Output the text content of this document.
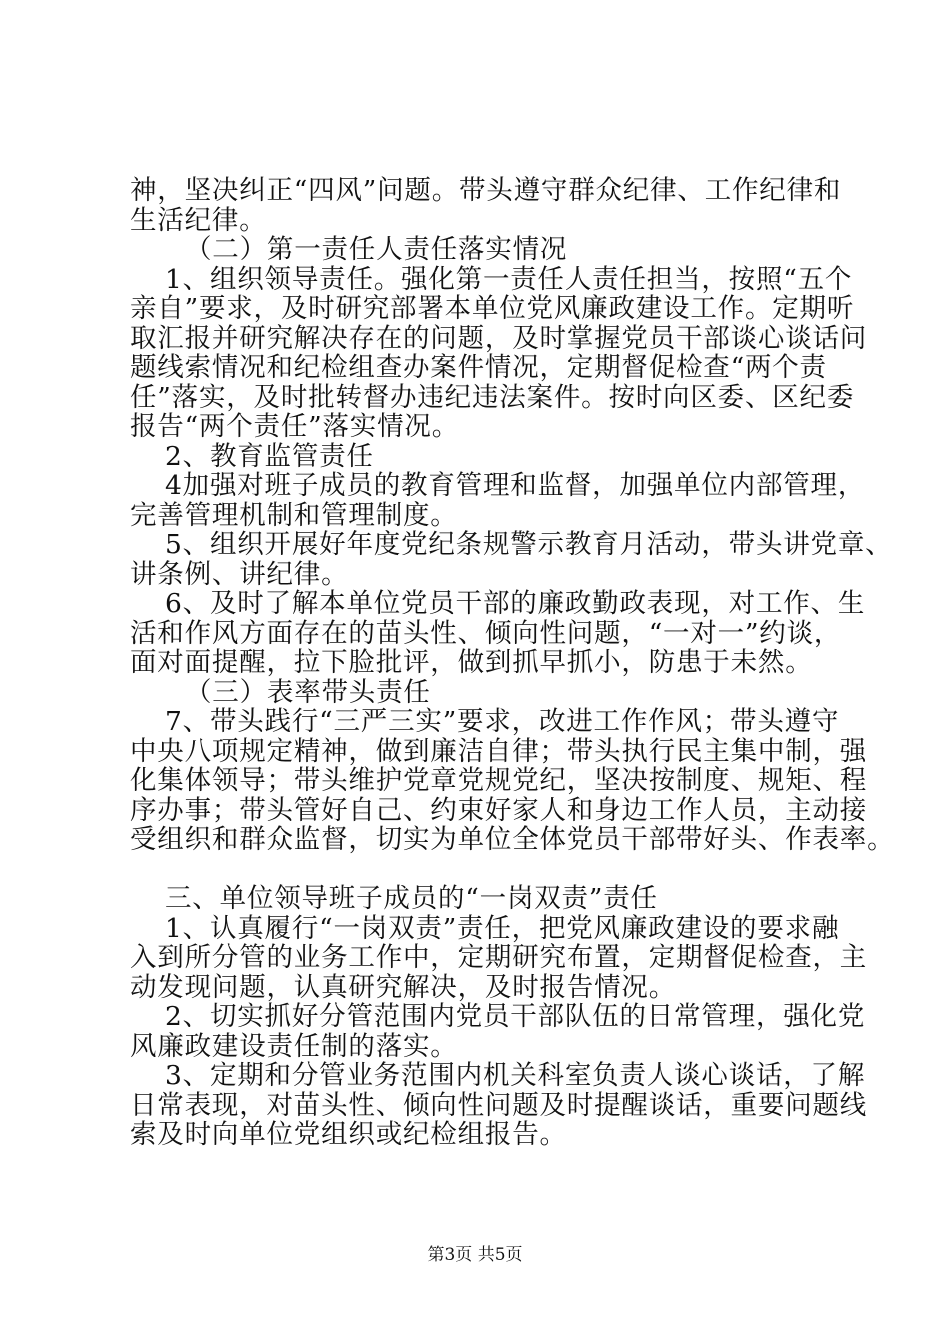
神，坚决纠正“四风”问题。带头遵守群众纪律、工作纪律和
生活纪律。
（二）第一责任人责任落实情况
1、组织领导责任。强化第一责任人责任担当，按照“五个
亲自”要求，及时研究部署本单位党风廉政建设工作。定期听
取汇报并研究解决存在的问题，及时掌握党员干部谈心谈话问
题线索情况和纪检组查办案件情况，定期督促检查“两个责
任”落实，及时批转督办违纪违法案件。按时向区委、区纪委
报告“两个责任”落实情况。
2、教育监管责任
4加强对班子成员的教育管理和监督，加强单位内部管理，
完善管理机制和管理制度。
5、组织开展好年度党纪条规警示教育月活动，带头讲党章、
讲条例、讲纪律。
6、及时了解本单位党员干部的廉政勤政表现，对工作、生
活和作风方面存在的苗头性、倾向性问题，“一对一”约谈，
面对面提醒，拉下脸批评，做到抓早抓小，防患于未然。
（三）表率带头责任
7、带头践行“三严三实”要求，改进工作作风；带头遵守
中央八项规定精神，做到廉洁自律；带头执行民主集中制，强
化集体领导；带头维护党章党规党纪，坚决按制度、规矩、程
序办事；带头管好自己、约束好家人和身边工作人员，主动接
受组织和群众监督，切实为单位全体党员干部带好头、作表率。
三、单位领导班子成员的“一岗双责”责任
1、认真履行“一岗双责”责任，把党风廉政建设的要求融
入到所分管的业务工作中，定期研究布置，定期督促检查，主
动发现问题，认真研究解决，及时报告情况。
2、切实抓好分管范围内党员干部队伍的日常管理，强化党
风廉政建设责任制的落实。
3、定期和分管业务范围内机关科室负责人谈心谈话，了解
日常表现，对苗头性、倾向性问题及时提醒谈话，重要问题线
索及时向单位党组织或纪检组报告。
第3页 共5页
